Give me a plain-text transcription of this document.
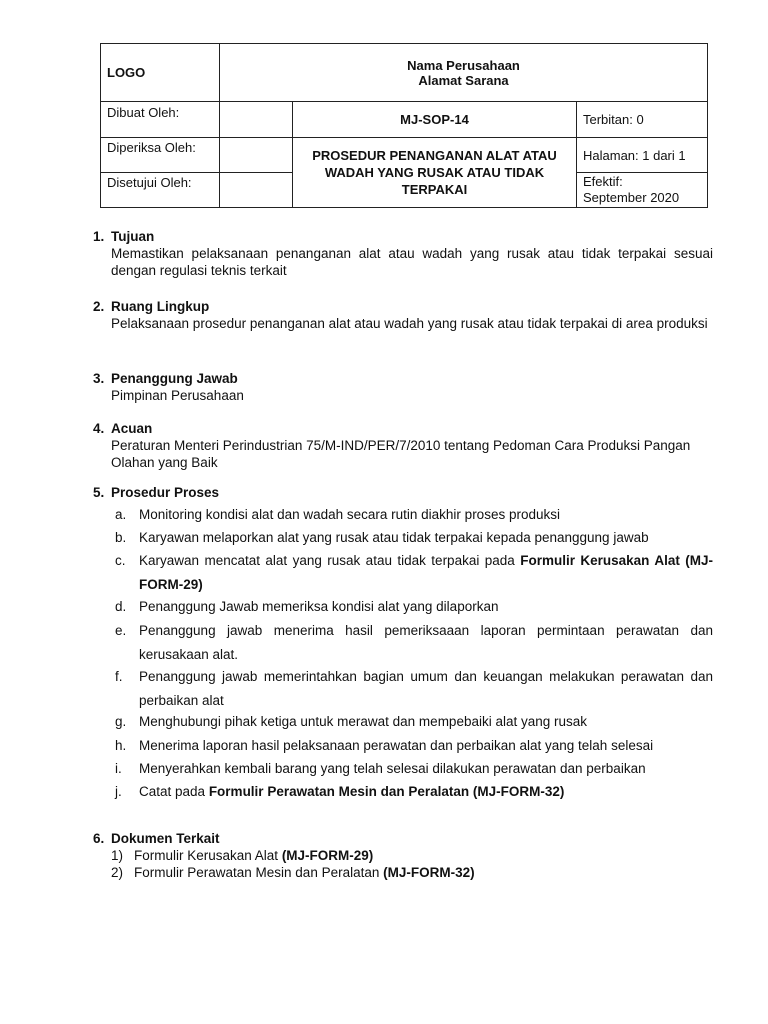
LOGO	Nama Perusahaan
Alamat Sarana		

Dibuat Oleh:		MJ-SOP-14	Terbitan: 0
Diperiksa Oleh:		PROSEDUR PENANGANAN ALAT ATAU WADAH YANG RUSAK ATAU TIDAK TERPAKAI	Halaman: 1 dari 1
Disetujui Oleh:			Efektif:
September 2020
1. Tujuan
Memastikan pelaksanaan penanganan alat atau wadah yang rusak atau tidak terpakai sesuai dengan regulasi teknis terkait
2. Ruang Lingkup
Pelaksanaan prosedur penanganan alat atau wadah yang rusak atau tidak terpakai di area produksi
3. Penanggung Jawab
Pimpinan Perusahaan
4. Acuan
Peraturan Menteri Perindustrian 75/M-IND/PER/7/2010 tentang Pedoman Cara Produksi Pangan Olahan yang Baik
5. Prosedur Proses
a. Monitoring kondisi alat dan wadah secara rutin diakhir proses produksi
b. Karyawan melaporkan alat yang rusak atau tidak terpakai kepada penanggung jawab
c. Karyawan mencatat alat yang rusak atau tidak terpakai pada Formulir Kerusakan Alat (MJ-FORM-29)
d. Penanggung Jawab memeriksa kondisi alat yang dilaporkan
e. Penanggung jawab menerima hasil pemeriksaaan laporan permintaan perawatan dan kerusakaan alat.
f. Penanggung jawab memerintahkan bagian umum dan keuangan melakukan perawatan dan perbaikan alat
g. Menghubungi pihak ketiga untuk merawat dan mempebaiki alat yang rusak
h. Menerima laporan hasil pelaksanaan perawatan dan perbaikan alat yang telah selesai
i. Menyerahkan kembali barang yang telah selesai dilakukan perawatan dan perbaikan
j. Catat pada Formulir Perawatan Mesin dan Peralatan (MJ-FORM-32)
6. Dokumen Terkait
1) Formulir Kerusakan Alat (MJ-FORM-29)
2) Formulir Perawatan Mesin dan Peralatan (MJ-FORM-32)
